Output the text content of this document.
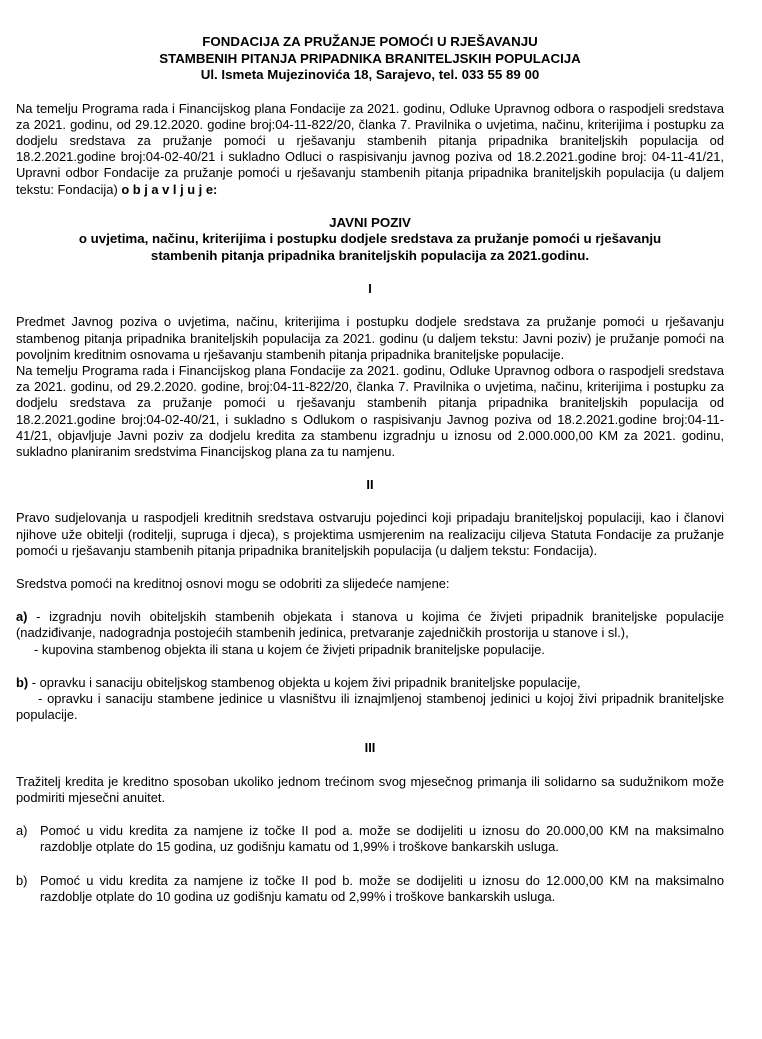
FONDACIJA ZA PRUŽANJE POMOĆI U RJEŠAVANJU
STAMBENIH PITANJA PRIPADNIKA BRANITELJSKIH POPULACIJA
Ul. Ismeta Mujezinovića 18, Sarajevo, tel. 033 55 89 00

Na temelju Programa rada i Financijskog plana Fondacije za 2021. godinu, Odluke Upravnog odbora o raspodjeli sredstava za 2021. godinu, od 29.12.2020. godine broj:04-11-822/20, članka 7. Pravilnika o uvjetima, načinu, kriterijima i postupku za dodjelu sredstava za pružanje pomoći u rješavanju stambenih pitanja pripadnika braniteljskih populacija od 18.2.2021.godine broj:04-02-40/21 i sukladno Odluci o raspisivanju javnog poziva od 18.2.2021.godine broj: 04-11-41/21, Upravni odbor Fondacije za pružanje pomoći u rješavanju stambenih pitanja pripadnika braniteljskih populacija (u daljem tekstu: Fondacija) o b j a v l j u j e:

JAVNI POZIV
o uvjetima, načinu, kriterijima i postupku dodjele sredstava za pružanje pomoći u rješavanju
stambenih pitanja pripadnika braniteljskih populacija za 2021.godinu.
I

Predmet Javnog poziva o uvjetima, načinu, kriterijima i postupku dodjele sredstava za pružanje pomoći u rješavanju stambenog pitanja pripadnika braniteljskih populacija za 2021. godinu (u daljem tekstu: Javni poziv) je pružanje pomoći na povoljnim kreditnim osnovama u rješavanju stambenih pitanja pripadnika braniteljske populacije.

Na temelju Programa rada i Financijskog plana Fondacije za 2021. godinu, Odluke Upravnog odbora o raspodjeli sredstava za 2021. godinu, od 29.2.2020. godine, broj:04-11-822/20, članka 7. Pravilnika o uvjetima, načinu, kriterijima i postupku za dodjelu sredstava za pružanje pomoći u rješavanju stambenih pitanja pripadnika braniteljskih populacija od 18.2.2021.godine broj:04-02-40/21, i sukladno s Odlukom o raspisivanju Javnog poziva od 18.2.2021.godine broj:04-11-41/21, objavljuje Javni poziv za dodjelu kredita za stambenu izgradnju u iznosu od 2.000.000,00 KM za 2021. godinu, sukladno planiranim sredstvima Financijskog plana za tu namjenu.

II

Pravo sudjelovanja u raspodjeli kreditnih sredstava ostvaruju pojedinci koji pripadaju braniteljskoj populaciji, kao i članovi njihove uže obitelji (roditelji, supruga i djeca), s projektima usmjerenim na realizaciju ciljeva Statuta Fondacije za pružanje pomoći u rješavanju stambenih pitanja pripadnika braniteljskih populacija (u daljem tekstu: Fondacija).

Sredstva pomoći na kreditnoj osnovi mogu se odobriti za slijedeće namjene:

a) - izgradnju novih obiteljskih stambenih objekata i stanova u kojima će živjeti pripadnik braniteljske populacije (nadziđivanje, nadogradnja postojećih stambenih jedinica, pretvaranje zajedničkih prostorija u stanove i sl.),

- kupovina stambenog objekta ili stana u kojem će živjeti pripadnik braniteljske populacije.

b) - opravku i sanaciju obiteljskog stambenog objekta u kojem živi pripadnik braniteljske populacije,

- opravku i sanaciju stambene jedinice u vlasništvu ili iznajmljenoj stambenoj jedinici u kojoj živi pripadnik braniteljske populacije.

III

Tražitelj kredita je kreditno sposoban ukoliko jednom trećinom svog mjesečnog primanja ili solidarno sa sudužnikom može podmiriti mjesečni anuitet.

a) Pomoć u vidu kredita za namjene iz točke II pod a. može se dodijeliti u iznosu do 20.000,00 KM na maksimalno razdoblje otplate do 15 godina, uz godišnju kamatu od 1,99% i troškove bankarskih usluga.
b) Pomoć u vidu kredita za namjene iz točke II pod b. može se dodijeliti u iznosu do 12.000,00 KM na maksimalno razdoblje otplate do 10 godina uz godišnju kamatu od 2,99% i troškove bankarskih usluga.
